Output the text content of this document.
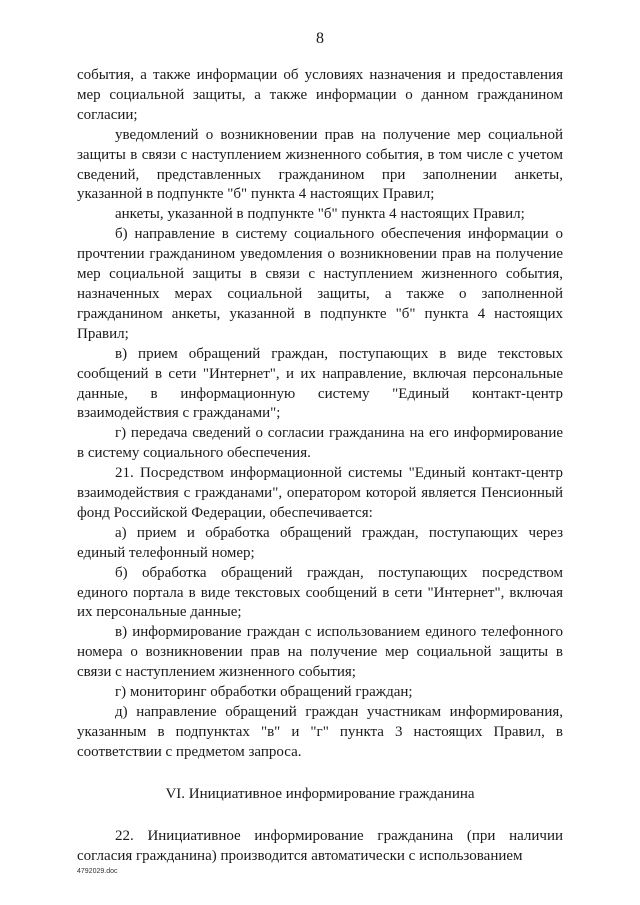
8

события, а также информации об условиях назначения и предоставления мер социальной защиты, а также информации о данном гражданином согласии;

уведомлений о возникновении прав на получение мер социальной защиты в связи с наступлением жизненного события, в том числе с учетом сведений, представленных гражданином при заполнении анкеты, указанной в подпункте "б" пункта 4 настоящих Правил;

анкеты, указанной в подпункте "б" пункта 4 настоящих Правил;

б) направление в систему социального обеспечения информации о прочтении гражданином уведомления о возникновении прав на получение мер социальной защиты в связи с наступлением жизненного события, назначенных мерах социальной защиты, а также о заполненной гражданином анкеты, указанной в подпункте "б" пункта 4 настоящих Правил;

в) прием обращений граждан, поступающих в виде текстовых сообщений в сети "Интернет", и их направление, включая персональные данные, в информационную систему "Единый контакт-центр взаимодействия с гражданами";

г) передача сведений о согласии гражданина на его информирование в систему социального обеспечения.

21. Посредством информационной системы "Единый контакт-центр взаимодействия с гражданами", оператором которой является Пенсионный фонд Российской Федерации, обеспечивается:

а) прием и обработка обращений граждан, поступающих через единый телефонный номер;

б) обработка обращений граждан, поступающих посредством единого портала в виде текстовых сообщений в сети "Интернет", включая их персональные данные;

в) информирование граждан с использованием единого телефонного номера о возникновении прав на получение мер социальной защиты в связи с наступлением жизненного события;

г) мониторинг обработки обращений граждан;

д) направление обращений граждан участникам информирования, указанным в подпунктах "в" и "г" пункта 3 настоящих Правил, в соответствии с предметом запроса.

VI. Инициативное информирование гражданина

22. Инициативное информирование гражданина (при наличии согласия гражданина) производится автоматически с использованием

4792029.doc
